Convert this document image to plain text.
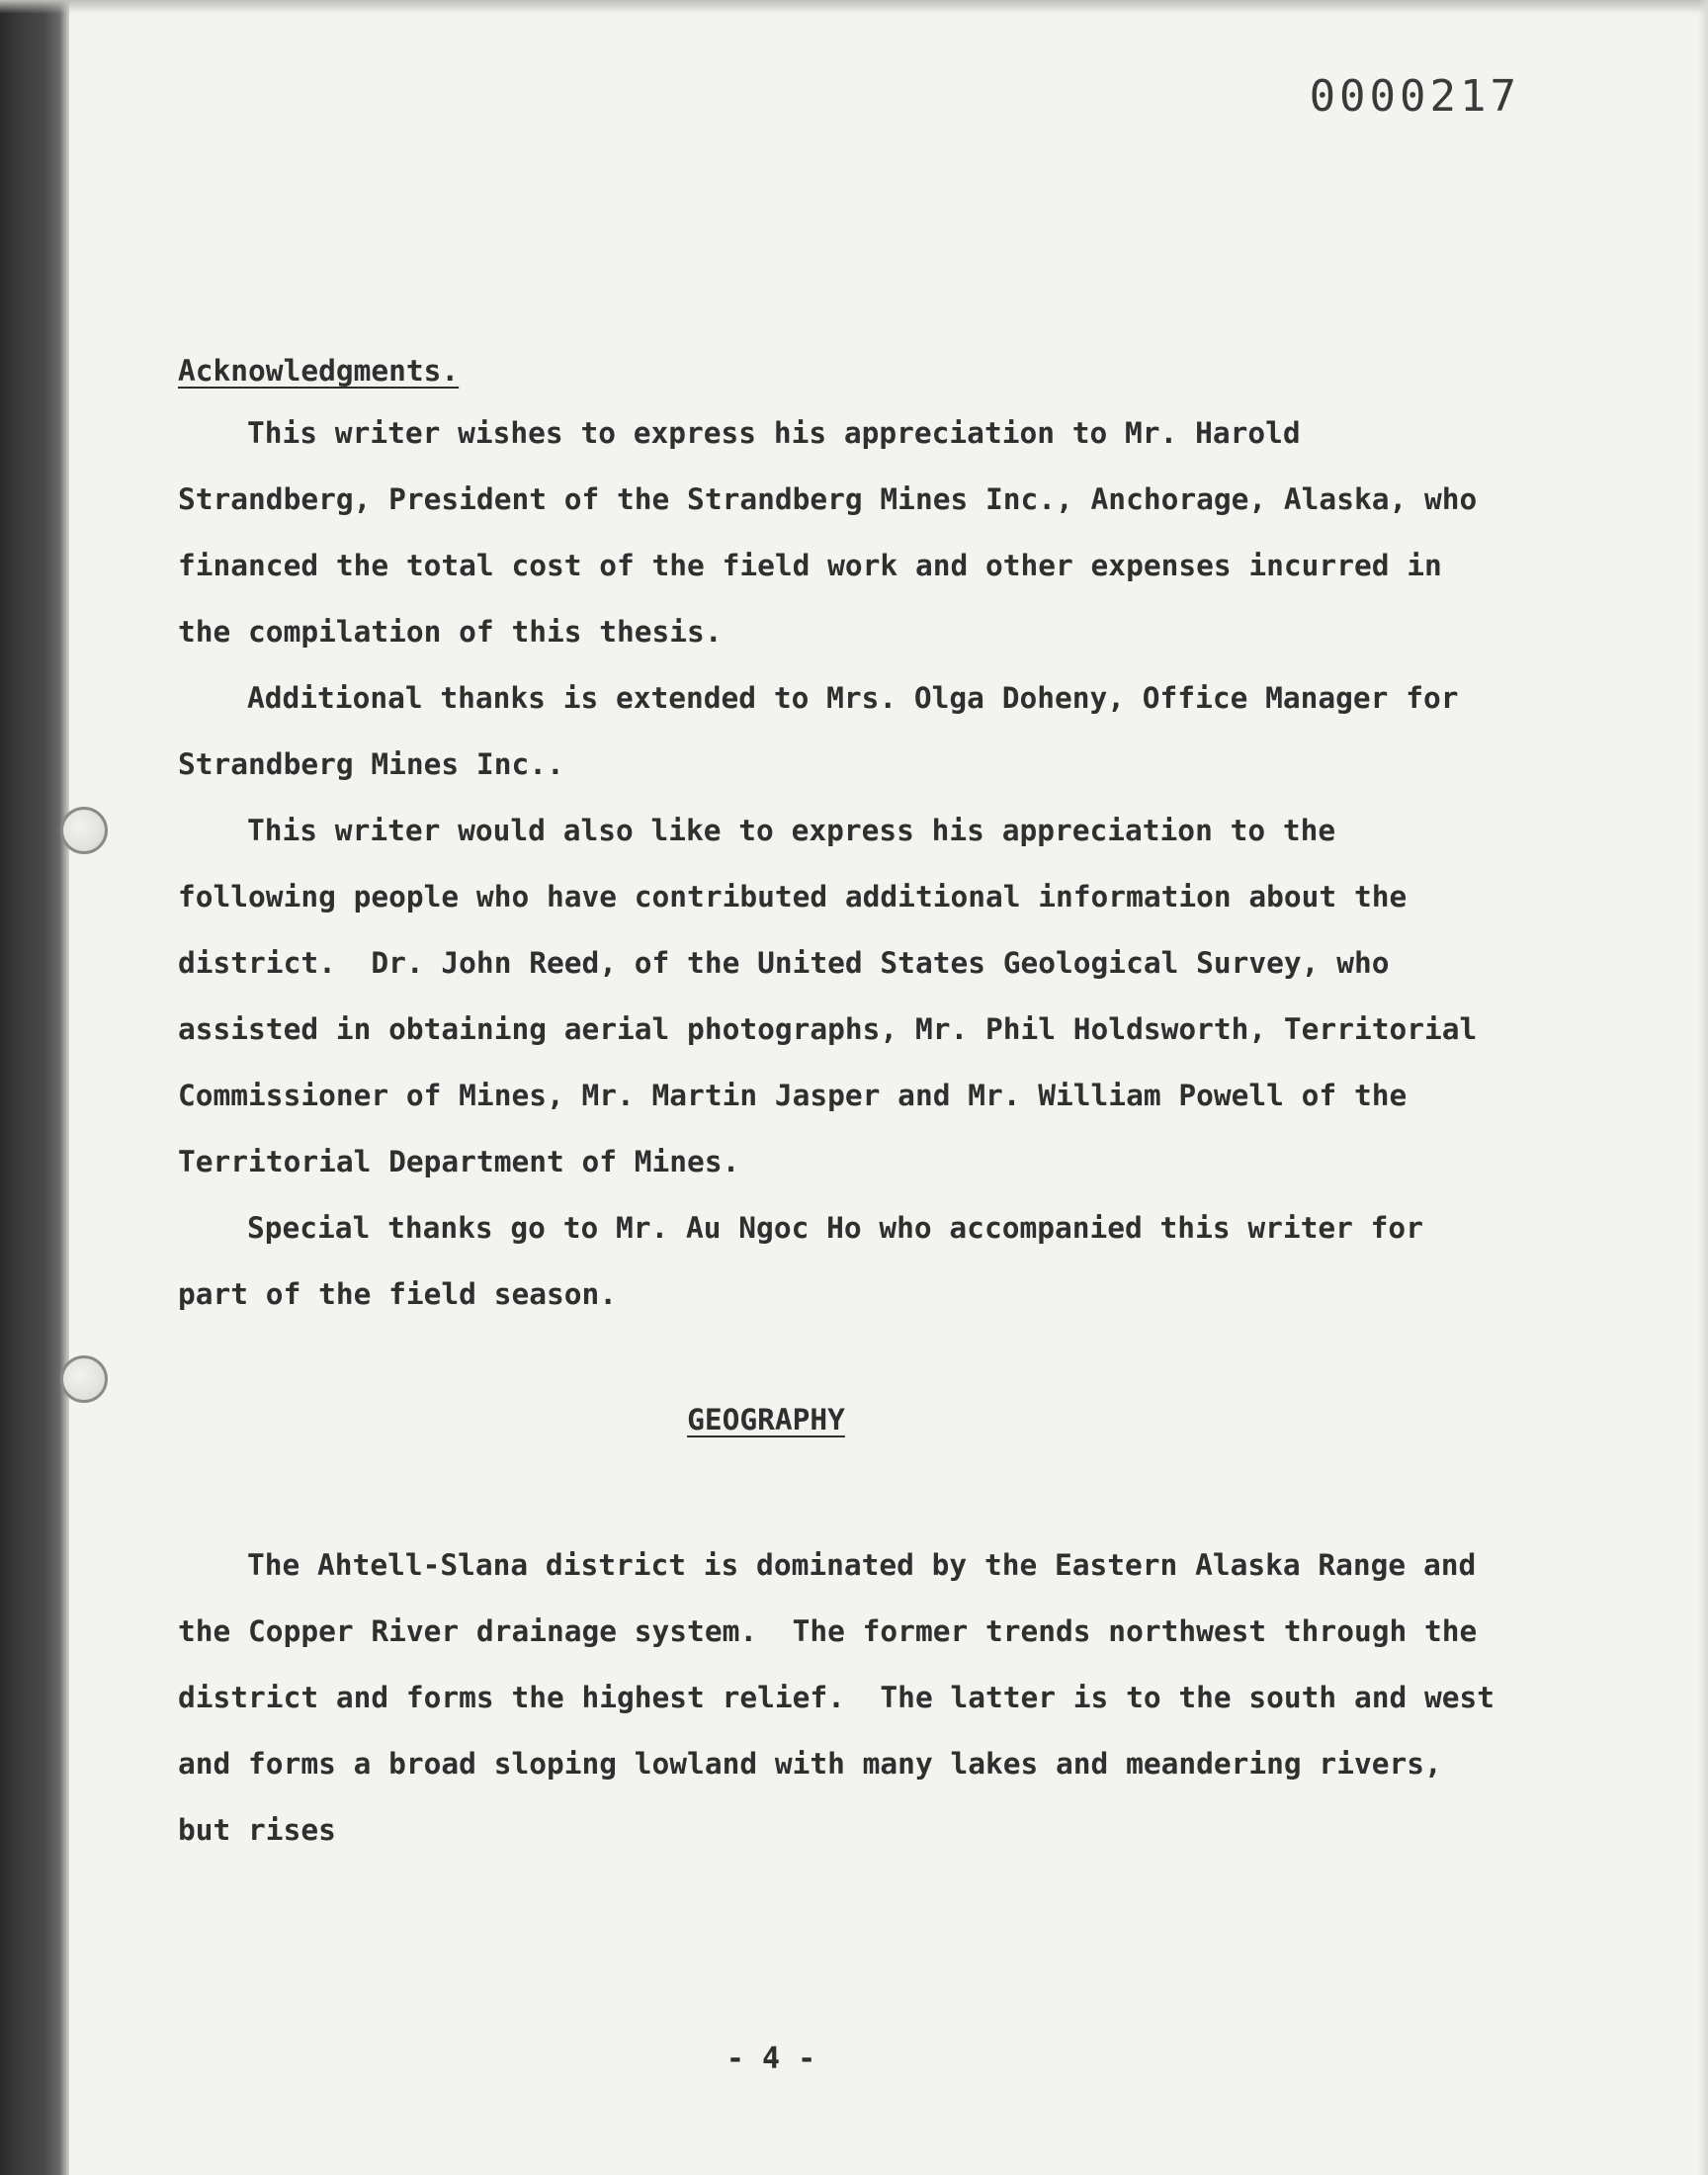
0000217
Acknowledgments.

This writer wishes to express his appreciation to Mr. Harold Strandberg, President of the Strandberg Mines Inc., Anchorage, Alaska, who financed the total cost of the field work and other expenses incurred in the compilation of this thesis.

Additional thanks is extended to Mrs. Olga Doheny, Office Manager for Strandberg Mines Inc..

This writer would also like to express his appreciation to the following people who have contributed additional information about the district.  Dr. John Reed, of the United States Geological Survey, who assisted in obtaining aerial photographs, Mr. Phil Holdsworth, Territorial Commissioner of Mines, Mr. Martin Jasper and Mr. William Powell of the Territorial Department of Mines.

Special thanks go to Mr. Au Ngoc Ho who accompanied this writer for part of the field season.

GEOGRAPHY

The Ahtell-Slana district is dominated by the Eastern Alaska Range and the Copper River drainage system.  The former trends northwest through the district and forms the highest relief.  The latter is to the south and west and forms a broad sloping lowland with many lakes and meandering rivers, but rises

- 4 -
